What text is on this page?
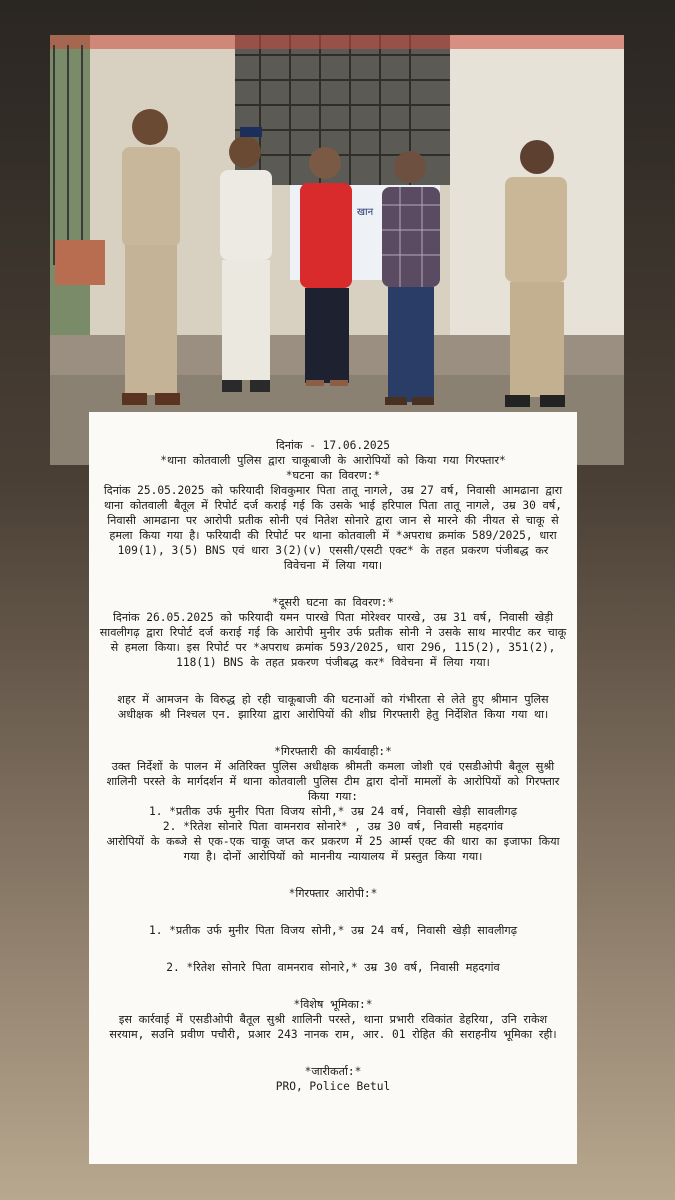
खान

दिनांक - 17.06.2025

*थाना कोतवाली पुलिस द्वारा चाकूबाजी के आरोपियों को किया गया गिरफ्तार*

*घटना का विवरण:*

दिनांक 25.05.2025 को फरियादी शिवकुमार पिता तातू नागले, उम्र 27 वर्ष, निवासी आमढाना द्वारा थाना कोतवाली बैतूल में रिपोर्ट दर्ज कराई गई कि उसके भाई हरिपाल पिता तातू नागले, उम्र 30 वर्ष, निवासी आमढाना पर आरोपी प्रतीक सोनी एवं नितेश सोनारे द्वारा जान से मारने की नीयत से चाकू से हमला किया गया है। फरियादी की रिपोर्ट पर थाना कोतवाली में *अपराध क्रमांक 589/2025, धारा 109(1), 3(5) BNS एवं धारा 3(2)(v) एससी/एसटी एक्ट* के तहत प्रकरण पंजीबद्ध कर विवेचना में लिया गया।

*दूसरी घटना का विवरण:*

दिनांक 26.05.2025 को फरियादी यमन पारखे पिता मोरेश्वर पारखे, उम्र 31 वर्ष, निवासी खेड़ी सावलीगढ़ द्वारा रिपोर्ट दर्ज कराई गई कि आरोपी मुनीर उर्फ प्रतीक सोनी ने उसके साथ मारपीट कर चाकू से हमला किया। इस रिपोर्ट पर *अपराध क्रमांक 593/2025, धारा 296, 115(2), 351(2), 118(1) BNS के तहत प्रकरण पंजीबद्ध कर* विवेचना में लिया गया।

शहर में आमजन के विरुद्ध हो रही चाकूबाजी की घटनाओं को गंभीरता से लेते हुए श्रीमान पुलिस अधीक्षक श्री निश्चल एन. झारिया द्वारा आरोपियों की शीघ्र गिरफ्तारी हेतु निर्देशित किया गया था।

*गिरफ्तारी की कार्यवाही:*

उक्त निर्देशों के पालन में अतिरिक्त पुलिस अधीक्षक श्रीमती कमला जोशी एवं एसडीओपी बैतूल सुश्री शालिनी परस्ते के मार्गदर्शन में थाना कोतवाली पुलिस टीम द्वारा दोनों मामलों के आरोपियों को गिरफ्तार किया गया:

1. *प्रतीक उर्फ मुनीर पिता विजय सोनी,* उम्र 24 वर्ष, निवासी खेड़ी सावलीगढ़

2. *रितेश सोनारे पिता वामनराव सोनारे* , उम्र 30 वर्ष, निवासी महदगांव

आरोपियों के कब्जे से एक-एक चाकू जप्त कर प्रकरण में 25 आर्म्स एक्ट की धारा का इजाफा किया गया है। दोनों आरोपियों को माननीय न्यायालय में प्रस्तुत किया गया।

*गिरफ्तार आरोपी:*

1. *प्रतीक उर्फ मुनीर पिता विजय सोनी,* उम्र 24 वर्ष, निवासी खेड़ी सावलीगढ़

2. *रितेश सोनारे पिता वामनराव सोनारे,* उम्र 30 वर्ष, निवासी महदगांव

*विशेष भूमिका:*

इस कार्रवाई में एसडीओपी बैतूल सुश्री शालिनी परस्ते, थाना प्रभारी रविकांत डेहरिया, उनि राकेश सरयाम, सउनि प्रवीण पचौरी, प्रआर 243 नानक राम, आर. 01 रोहित की सराहनीय भूमिका रही।

*जारीकर्ता:*

PRO, Police Betul
